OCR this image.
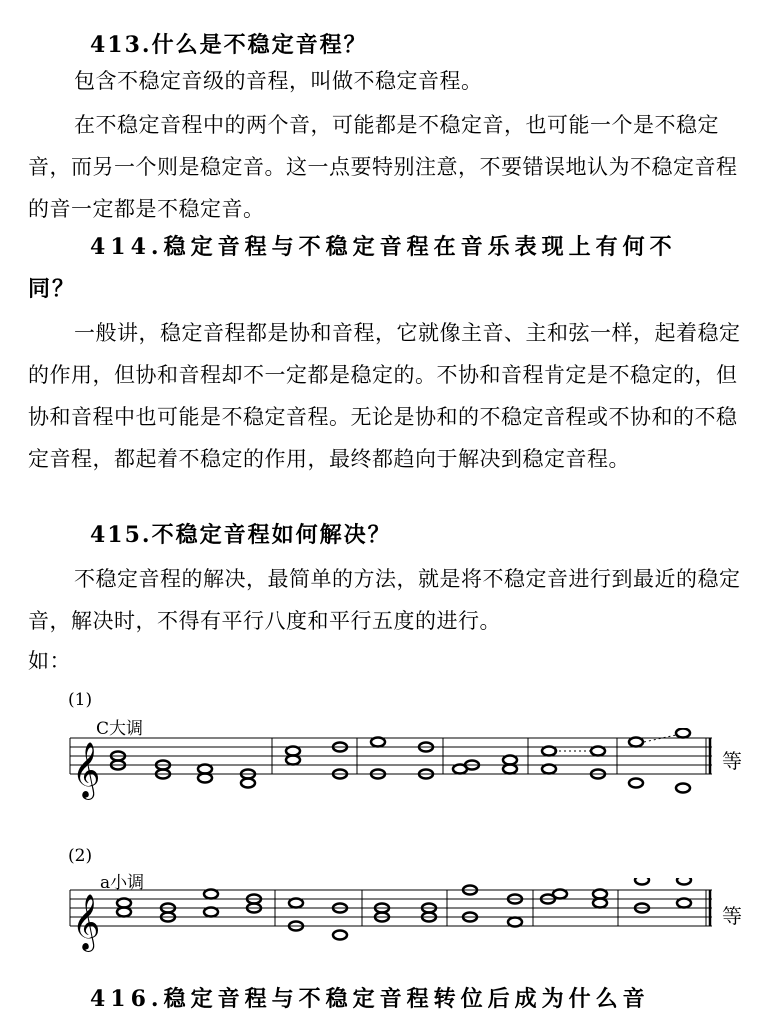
413.什么是不稳定音程？
包含不稳定音级的音程，叫做不稳定音程。
在不稳定音程中的两个音，可能都是不稳定音，也可能一个是不稳定音，而另一个则是稳定音。这一点要特别注意，不要错误地认为不稳定音程的音一定都是不稳定音。
414.稳定音程与不稳定音程在音乐表现上有何不
同？
一般讲，稳定音程都是协和音程，它就像主音、主和弦一样，起着稳定的作用，但协和音程却不一定都是稳定的。不协和音程肯定是不稳定的，但协和音程中也可能是不稳定音程。无论是协和的不稳定音程或不协和的不稳定音程，都起着不稳定的作用，最终都趋向于解决到稳定音程。
415.不稳定音程如何解决？
不稳定音程的解决，最简单的方法，就是将不稳定音进行到最近的稳定音，解决时，不得有平行八度和平行五度的进行。
如：
(1)
C大调
𝄞	等
(2)
a小调
𝄞	等
416.稳定音程与不稳定音程转位后成为什么音
